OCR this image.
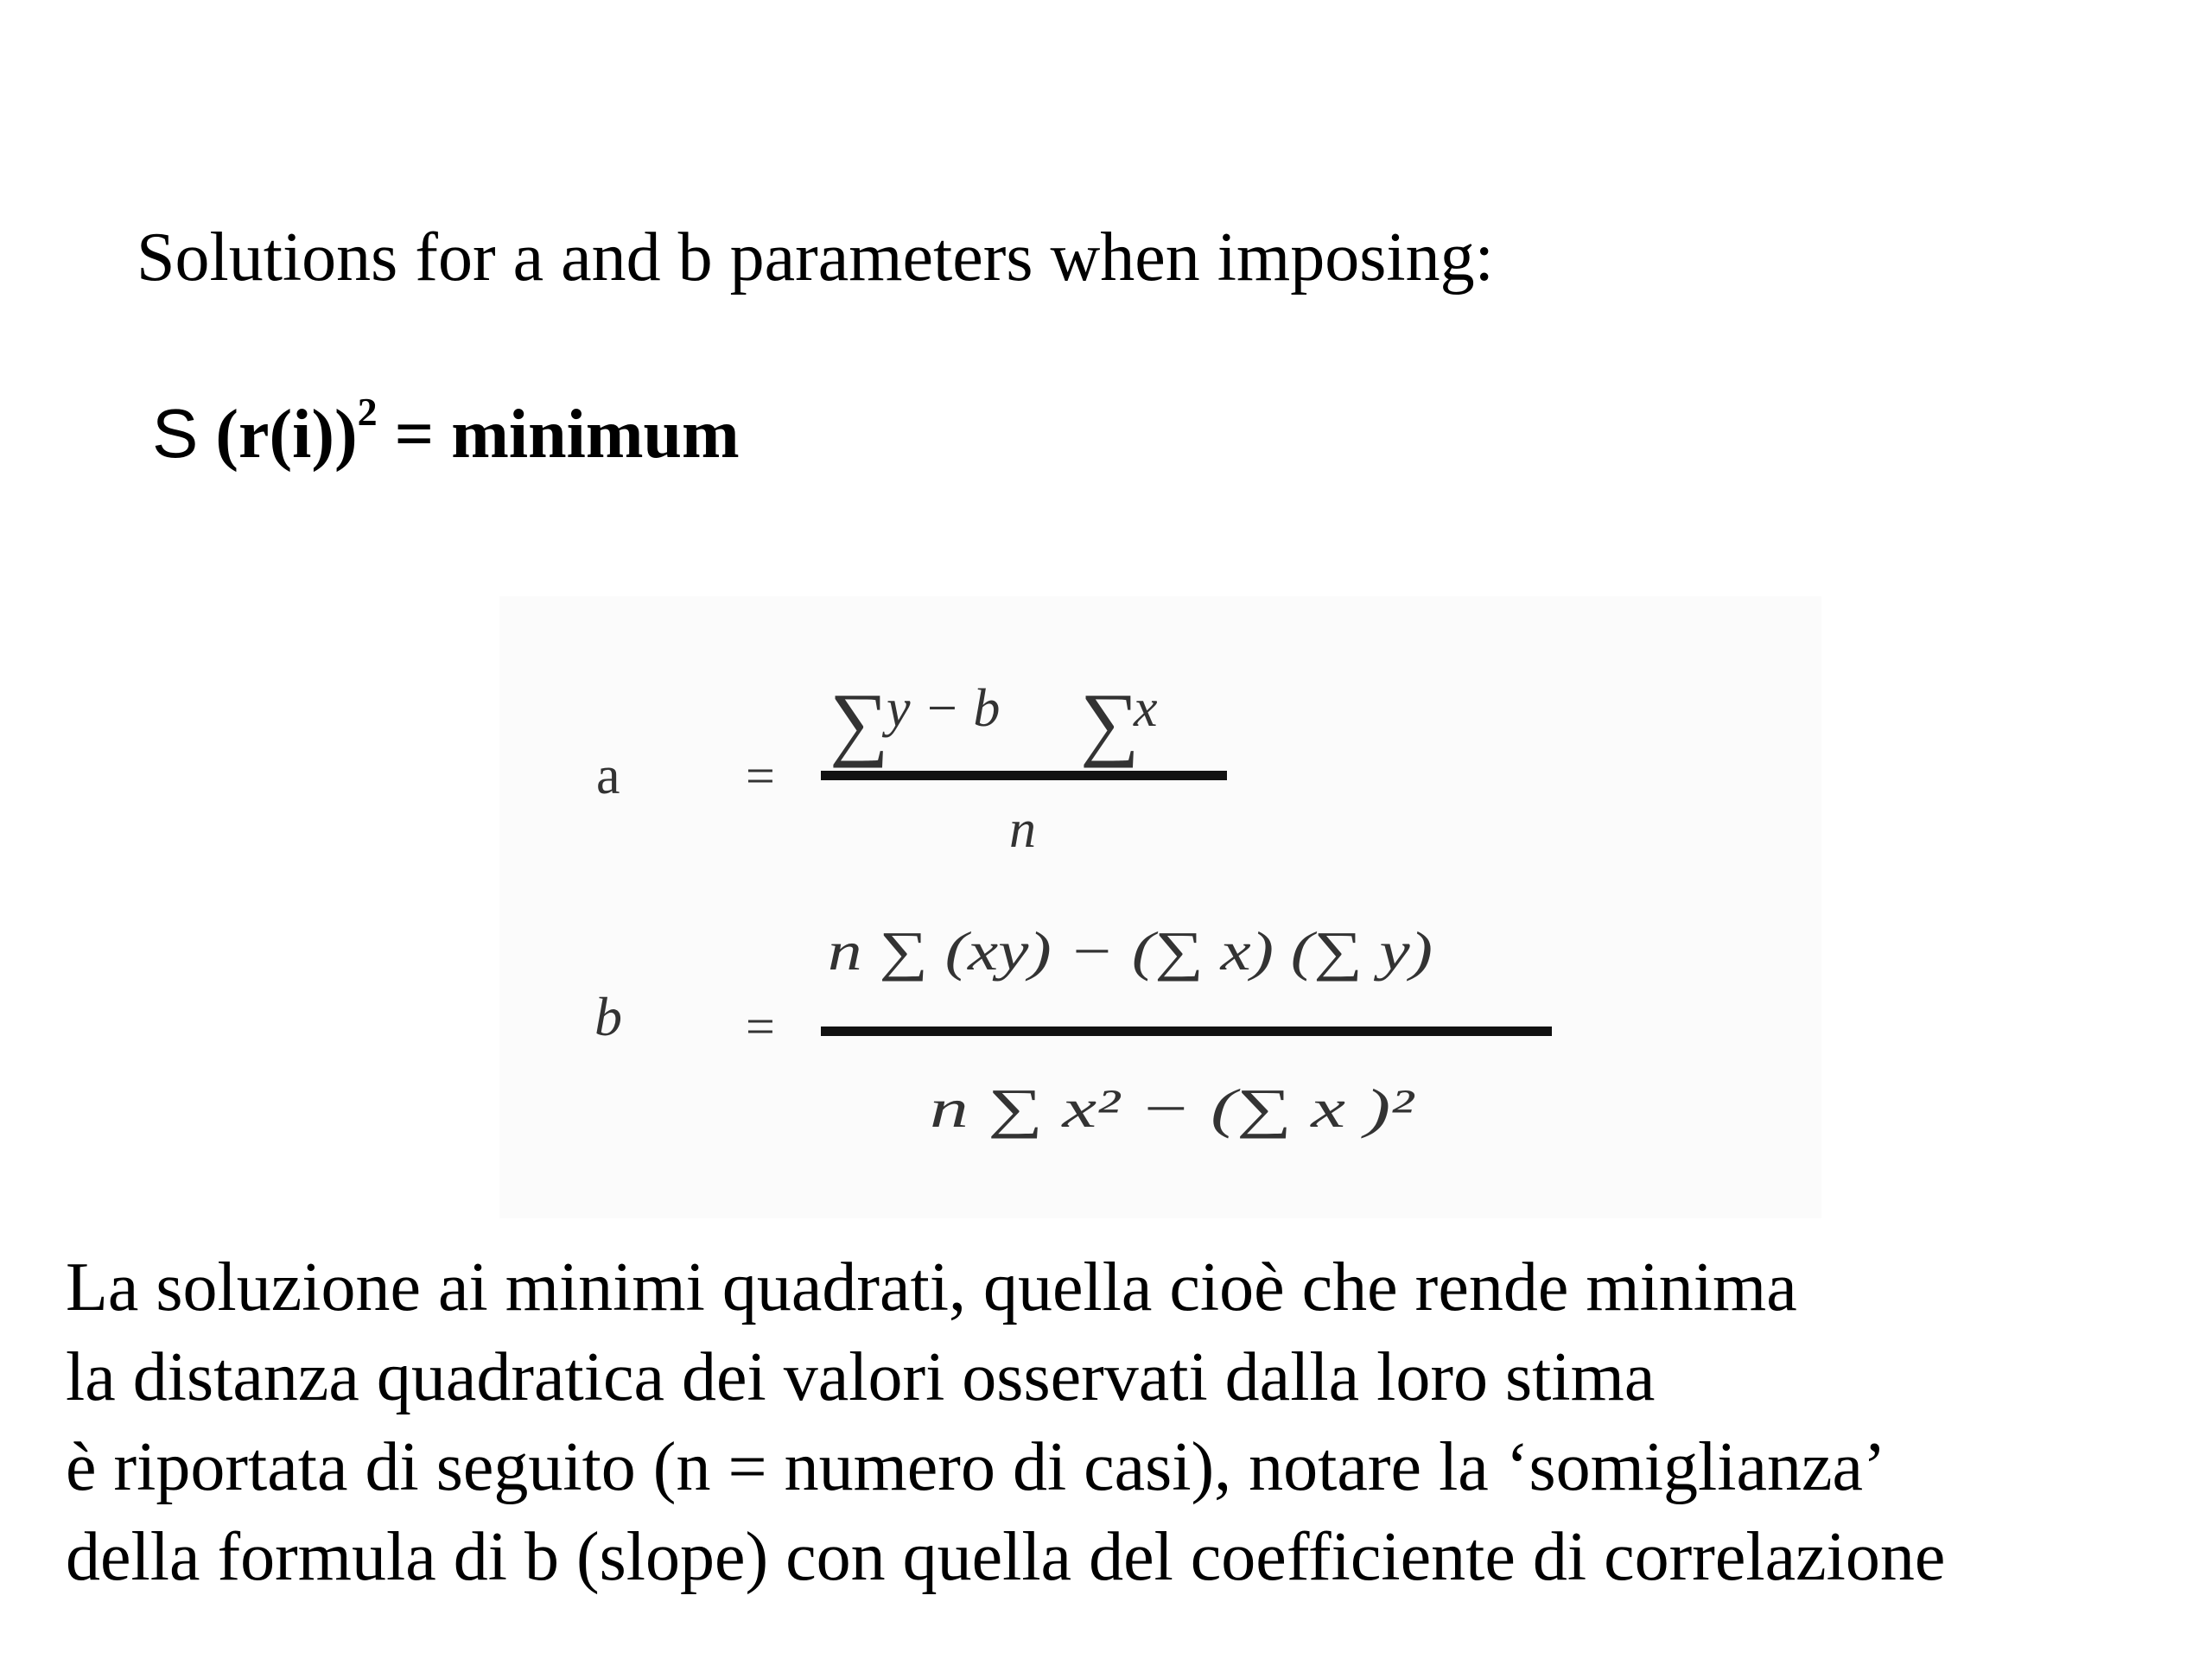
Solutions for a and b parameters when imposing:
S $(r(i))^2$ = minimum
a =
∑
y − b ∑
x
n
b =
n ∑ (xy) − (∑ x) (∑ y)
n ∑ x² − (∑ x )²
La soluzione ai minimi quadrati, quella cioè che rende minima
la distanza quadratica dei valori osservati dalla loro stima
è riportata di seguito (n = numero di casi), notare la ‘somiglianza’
della formula di b (slope) con quella del coefficiente di correlazione
